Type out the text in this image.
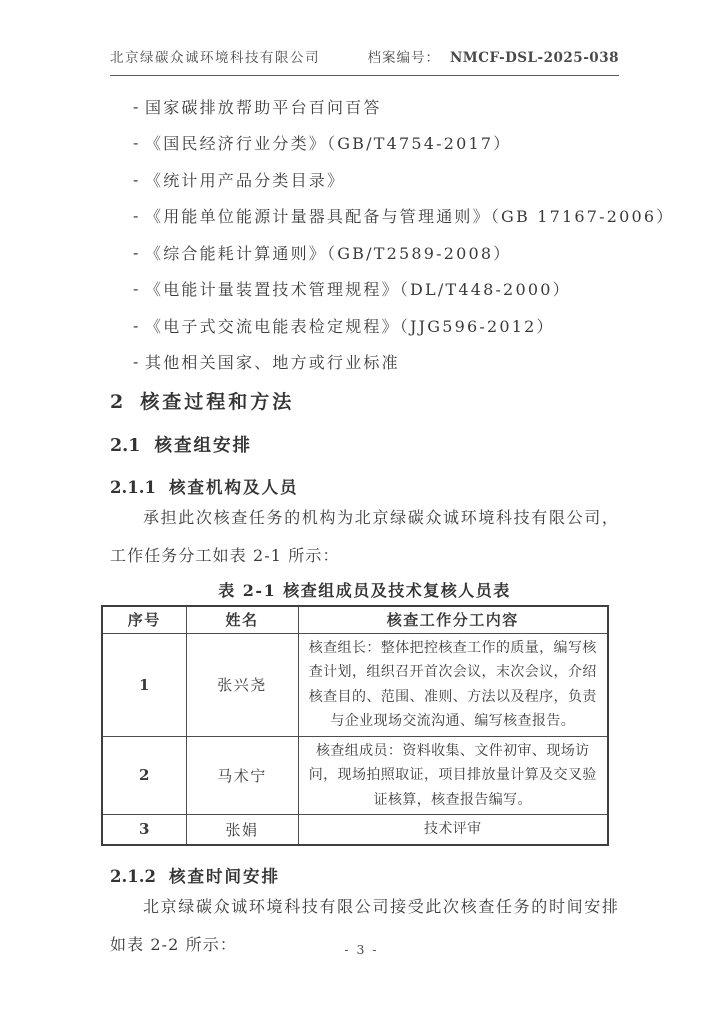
北京绿碳众诚环境科技有限公司	档案编号： NMCF-DSL-2025-038
- 国家碳排放帮助平台百问百答
- 《国民经济行业分类》（GB/T4754-2017）
- 《统计用产品分类目录》
- 《用能单位能源计量器具配备与管理通则》（GB 17167-2006）
- 《综合能耗计算通则》（GB/T2589-2008）
- 《电能计量装置技术管理规程》（DL/T448-2000）
- 《电子式交流电能表检定规程》（JJG596-2012）
- 其他相关国家、地方或行业标准
2 核查过程和方法
2.1 核查组安排
2.1.1 核查机构及人员

承担此次核查任务的机构为北京绿碳众诚环境科技有限公司，工作任务分工如表 2-1 所示：

表 2-1 核查组成员及技术复核人员表
序号	姓名	核查工作分工内容
1	张兴尧	核查组长：整体把控核查工作的质量，编写核查计划，组织召开首次会议，末次会议，介绍核查目的、范围、准则、方法以及程序，负责与企业现场交流沟通、编写核查报告。
2	马术宁	核查组成员：资料收集、文件初审、现场访问，现场拍照取证，项目排放量计算及交叉验证核算，核查报告编写。
3	张娟	技术评审
2.1.2 核查时间安排

北京绿碳众诚环境科技有限公司接受此次核查任务的时间安排如表 2-2 所示：	- 3 -
